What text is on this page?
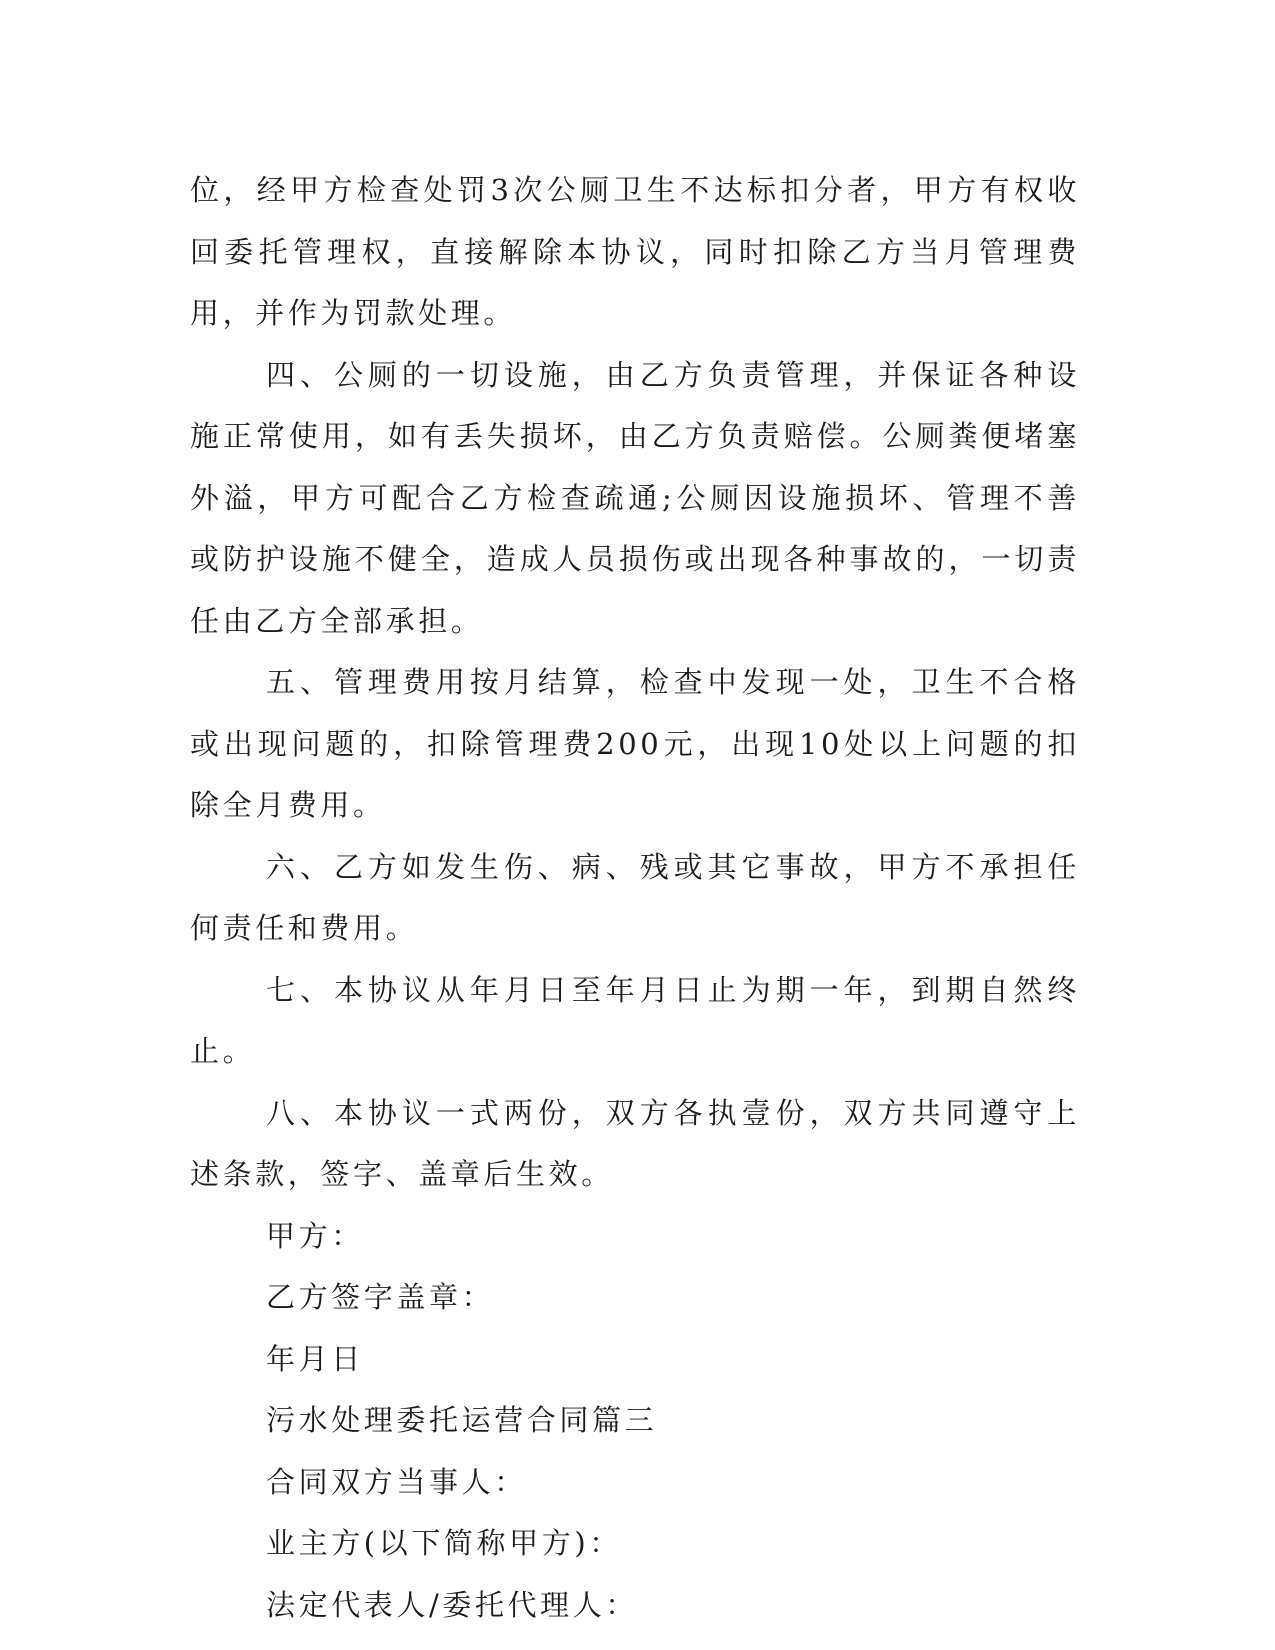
位，经甲方检查处罚3次公厕卫生不达标扣分者，甲方有权收回委托管理权，直接解除本协议，同时扣除乙方当月管理费用，并作为罚款处理。

四、公厕的一切设施，由乙方负责管理，并保证各种设施正常使用，如有丢失损坏，由乙方负责赔偿。公厕粪便堵塞外溢，甲方可配合乙方检查疏通;公厕因设施损坏、管理不善或防护设施不健全，造成人员损伤或出现各种事故的，一切责任由乙方全部承担。

五、管理费用按月结算，检查中发现一处，卫生不合格或出现问题的，扣除管理费200元，出现10处以上问题的扣除全月费用。

六、乙方如发生伤、病、残或其它事故，甲方不承担任何责任和费用。

七、本协议从年月日至年月日止为期一年，到期自然终止。

八、本协议一式两份，双方各执壹份，双方共同遵守上述条款，签字、盖章后生效。

甲方：

乙方签字盖章：

年月日

污水处理委托运营合同篇三

合同双方当事人：

业主方(以下简称甲方)：

法定代表人/委托代理人：
